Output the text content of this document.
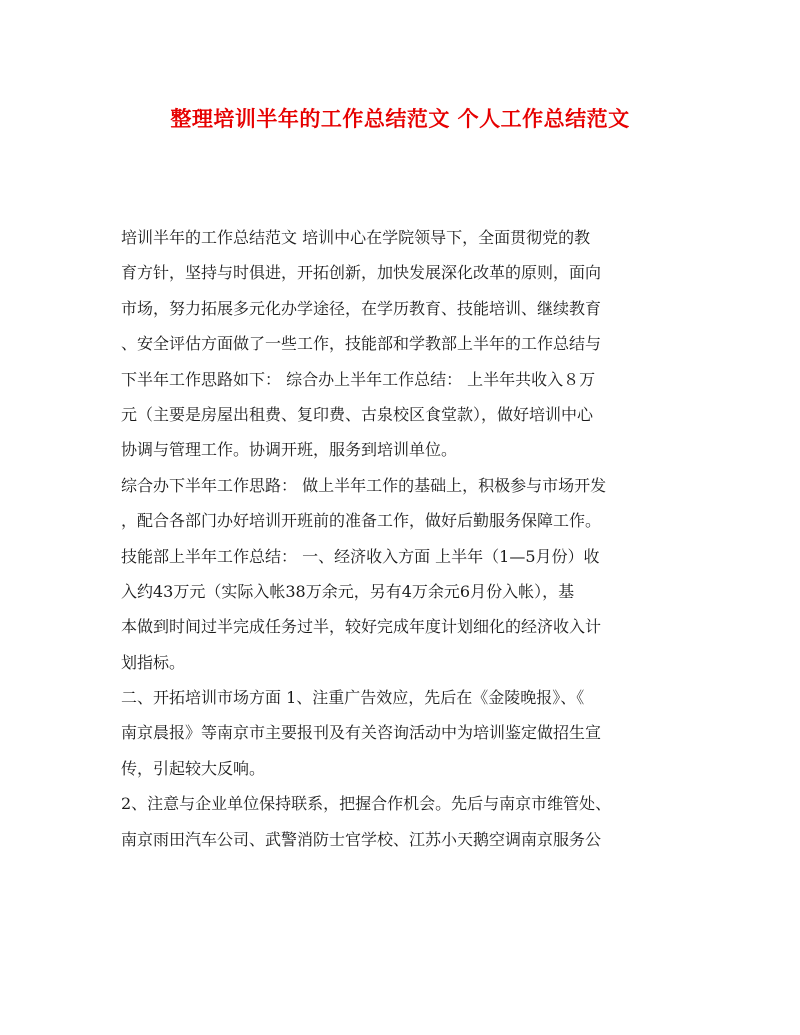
整理培训半年的工作总结范文 个人工作总结范文
培训半年的工作总结范文 培训中心在学院领导下，全面贯彻党的教
育方针，坚持与时俱进，开拓创新，加快发展深化改革的原则，面向
市场，努力拓展多元化办学途径，在学历教育、技能培训、继续教育
、安全评估方面做了一些工作，技能部和学教部上半年的工作总结与
下半年工作思路如下： 综合办上半年工作总结： 上半年共收入８万
元（主要是房屋出租费、复印费、古泉校区食堂款），做好培训中心
协调与管理工作。协调开班，服务到培训单位。
综合办下半年工作思路： 做上半年工作的基础上，积极参与市场开发
，配合各部门办好培训开班前的准备工作，做好后勤服务保障工作。
技能部上半年工作总结： 一、经济收入方面 上半年（1—5月份）收
入约43万元（实际入帐38万余元，另有4万余元6月份入帐），基
本做到时间过半完成任务过半，较好完成年度计划细化的经济收入计
划指标。
二、开拓培训市场方面 1、注重广告效应，先后在《金陵晚报》、《
南京晨报》等南京市主要报刊及有关咨询活动中为培训鉴定做招生宣
传，引起较大反响。
2、注意与企业单位保持联系，把握合作机会。先后与南京市维管处、
南京雨田汽车公司、武警消防士官学校、江苏小天鹅空调南京服务公
